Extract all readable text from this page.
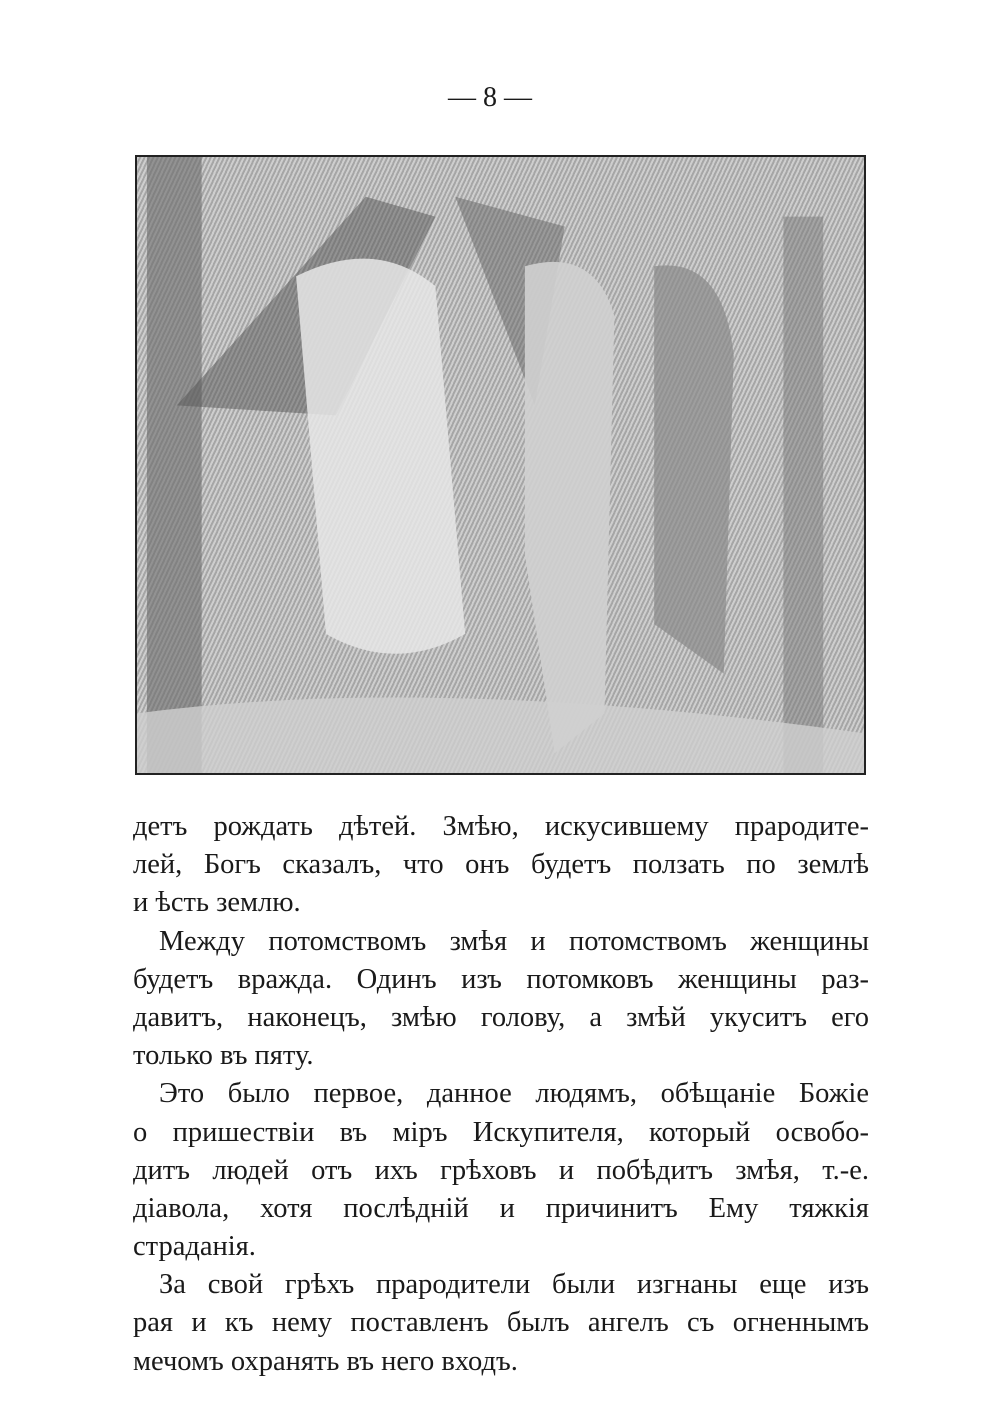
— 8 —
детъ рождать дѣтей. Змѣю, искусившему прародите-
лей, Богъ сказалъ, что онъ будетъ ползать по землѣ
и ѣсть землю.
Между потомствомъ змѣя и потомствомъ женщины
будетъ вражда. Одинъ изъ потомковъ женщины раз-
давитъ, наконецъ, змѣю голову, а змѣй укуситъ его
только въ пяту.
Это было первое, данное людямъ, обѣщаніе Божіе
о пришествіи въ міръ Искупителя, который освобо-
дитъ людей отъ ихъ грѣховъ и побѣдитъ змѣя, т.-е.
діавола, хотя послѣдній и причинитъ Ему тяжкія
страданія.
За свой грѣхъ прародители были изгнаны еще изъ
рая и къ нему поставленъ былъ ангелъ съ огненнымъ
мечомъ охранять въ него входъ.
